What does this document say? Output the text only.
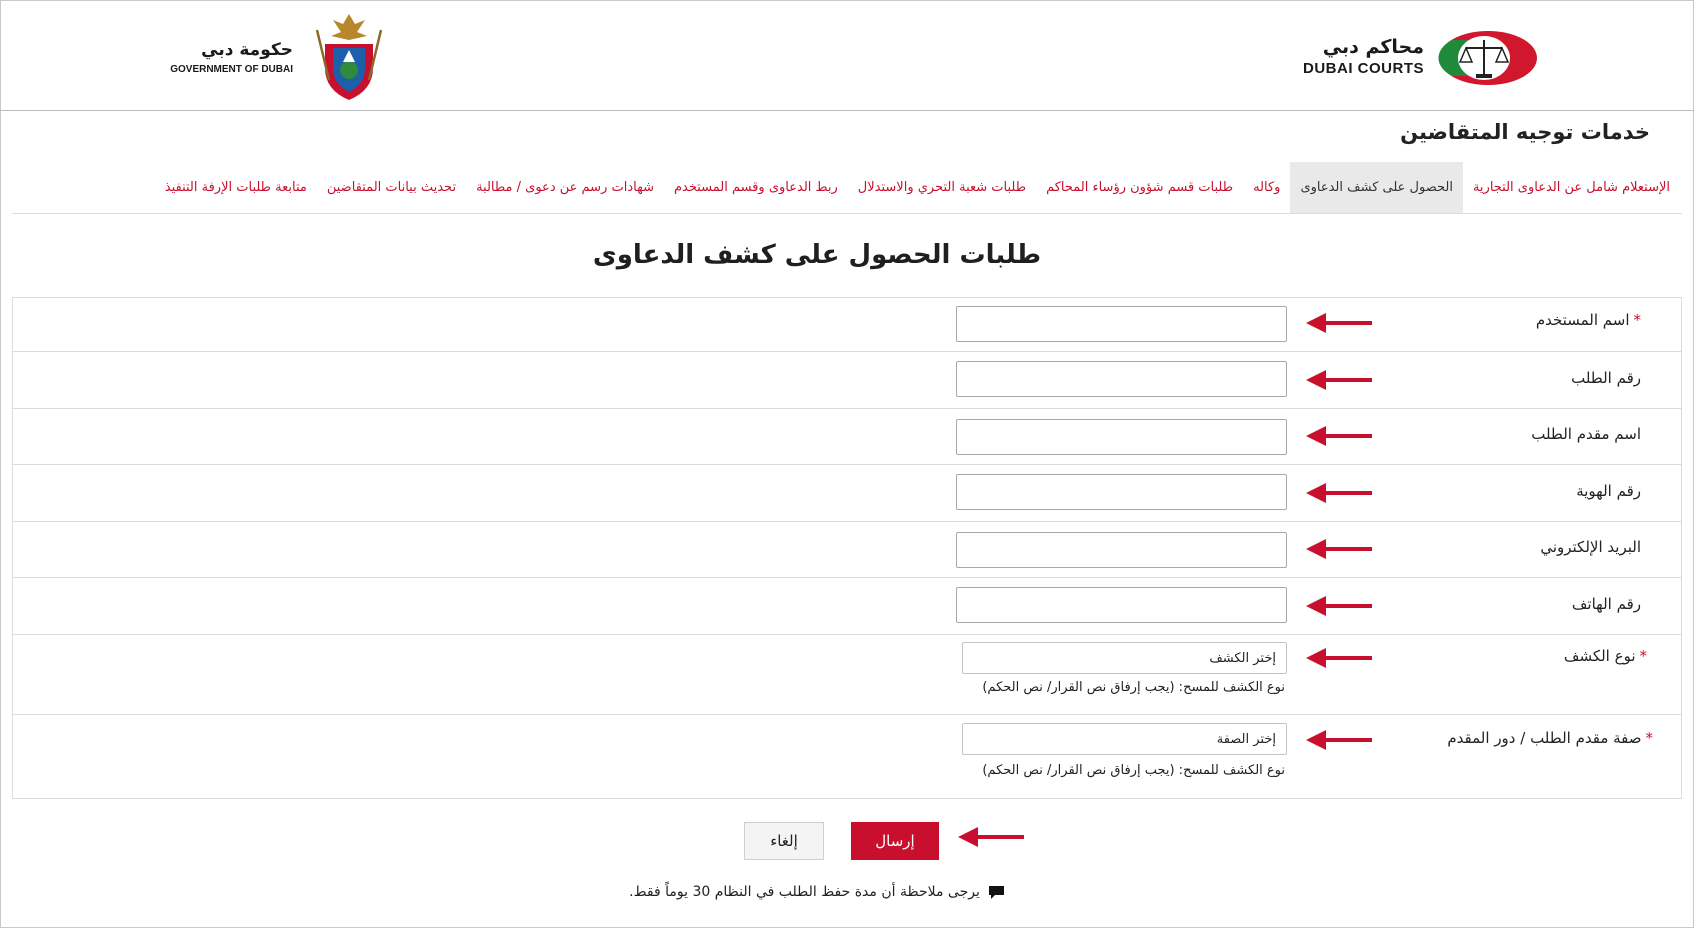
حكومة دبي
GOVERNMENT OF DUBAI
محاكم دبي
DUBAI COURTS
خدمات توجيه المتقاضين
الإستعلام شامل عن الدعاوى التجارية
الحصول على كشف الدعاوى
وكاله
طلبات قسم شؤون رؤساء المحاكم
طلبات شعبة التحري والاستدلال
ربط الدعاوى وقسم المستخدم
شهادات رسم عن دعوى / مطالبة
تحديث بيانات المتقاضين
متابعة طلبات الإرفة التنفيذ
طلبات الحصول على كشف الدعاوى
*اسم المستخدم
رقم الطلب
اسم مقدم الطلب
رقم الهوية
البريد الإلكتروني
رقم الهاتف
*نوع الكشف
إختر الكشف
نوع الكشف للمسح: (يجب إرفاق نص القرار/ نص الحكم)
*صفة مقدم الطلب / دور المقدم
إختر الصفة
نوع الكشف للمسح: (يجب إرفاق نص القرار/ نص الحكم)
إرسال
إلغاء
يرجى ملاحظة أن مدة حفظ الطلب في النظام 30 يوماً فقط.
